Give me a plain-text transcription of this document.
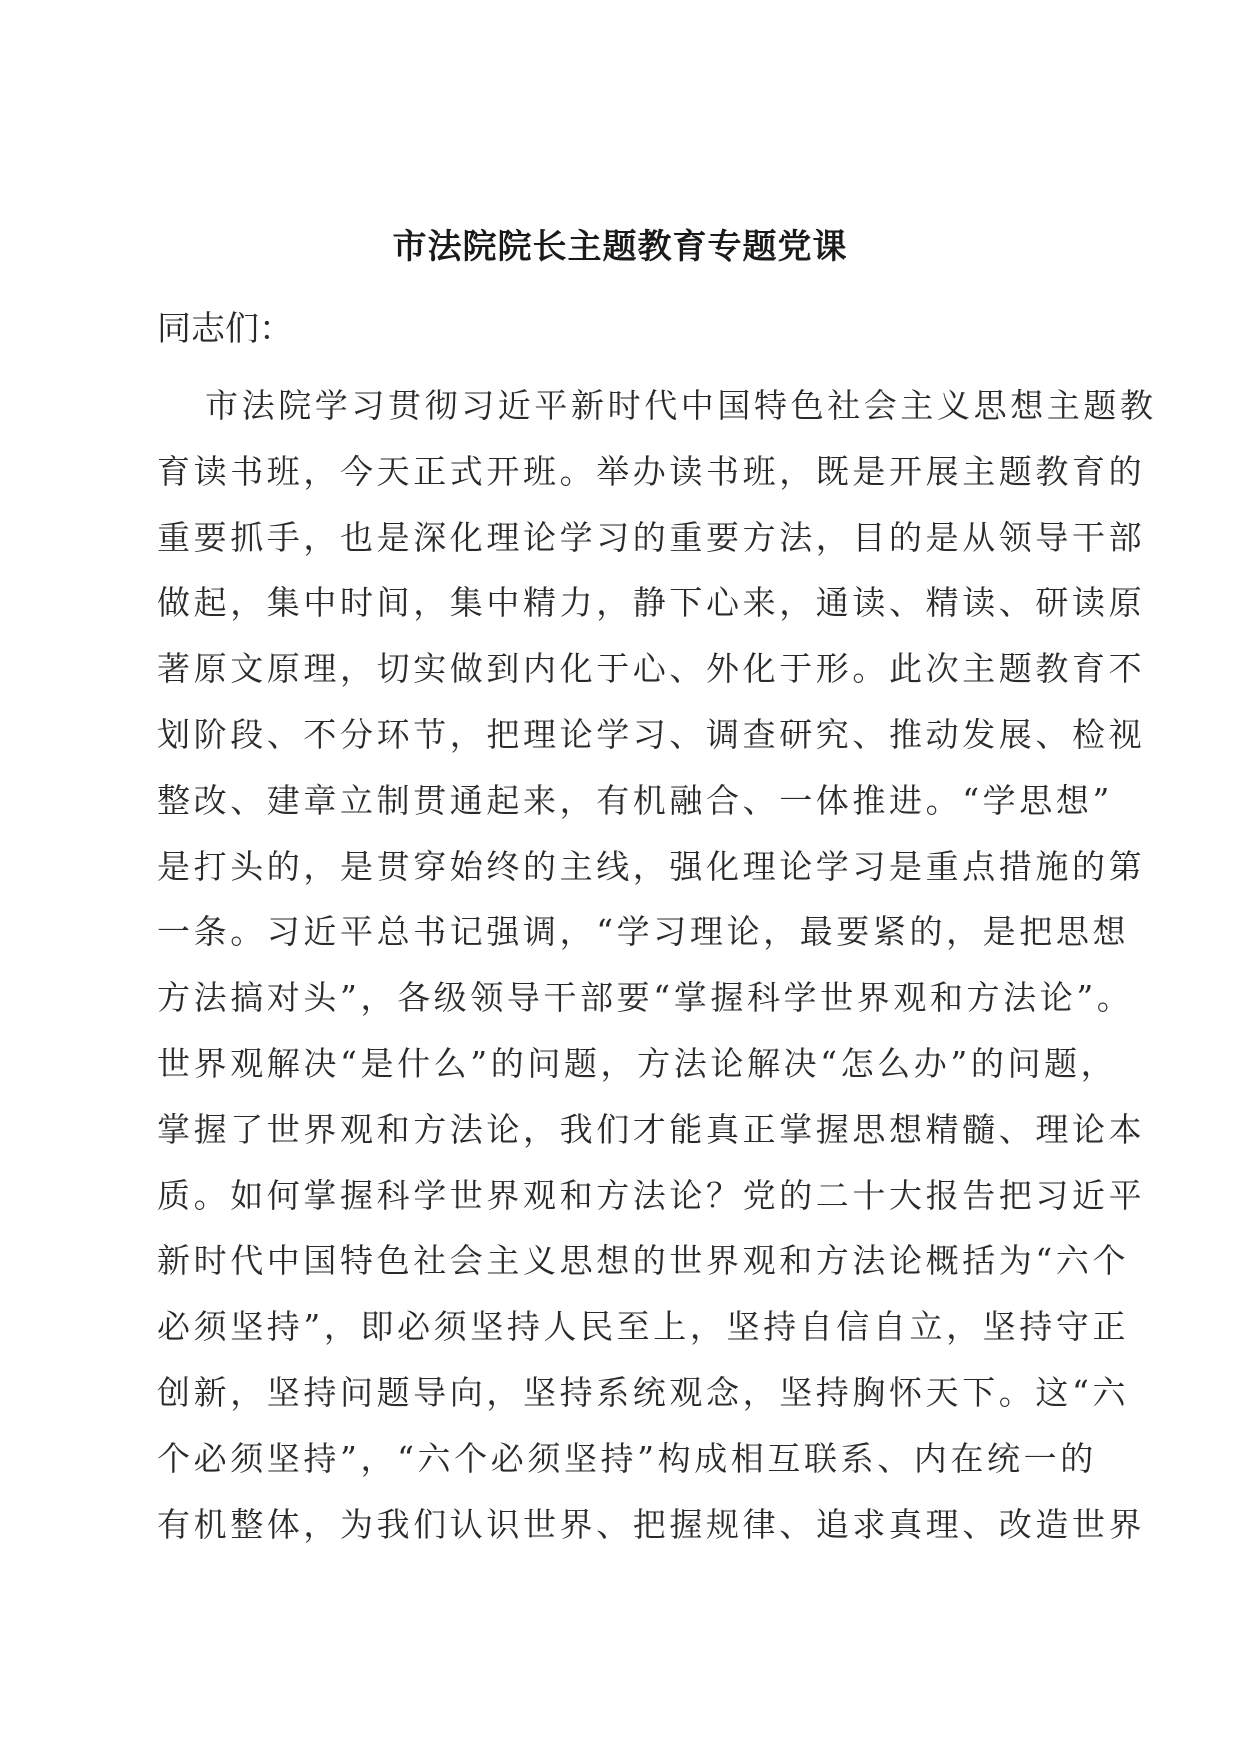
市法院院长主题教育专题党课
同志们：
市法院学习贯彻习近平新时代中国特色社会主义思想主题教
育读书班，今天正式开班。举办读书班，既是开展主题教育的
重要抓手，也是深化理论学习的重要方法，目的是从领导干部
做起，集中时间，集中精力，静下心来，通读、精读、研读原
著原文原理，切实做到内化于心、外化于形。此次主题教育不
划阶段、不分环节，把理论学习、调查研究、推动发展、检视
整改、建章立制贯通起来，有机融合、一体推进。“学思想”
是打头的，是贯穿始终的主线，强化理论学习是重点措施的第
一条。习近平总书记强调，“学习理论，最要紧的，是把思想
方法搞对头”，各级领导干部要“掌握科学世界观和方法论”。
世界观解决“是什么”的问题，方法论解决“怎么办”的问题，
掌握了世界观和方法论，我们才能真正掌握思想精髓、理论本
质。如何掌握科学世界观和方法论？党的二十大报告把习近平
新时代中国特色社会主义思想的世界观和方法论概括为“六个
必须坚持”，即必须坚持人民至上，坚持自信自立，坚持守正
创新，坚持问题导向，坚持系统观念，坚持胸怀天下。这“六
个必须坚持”，“六个必须坚持”构成相互联系、内在统一的
有机整体，为我们认识世界、把握规律、追求真理、改造世界
